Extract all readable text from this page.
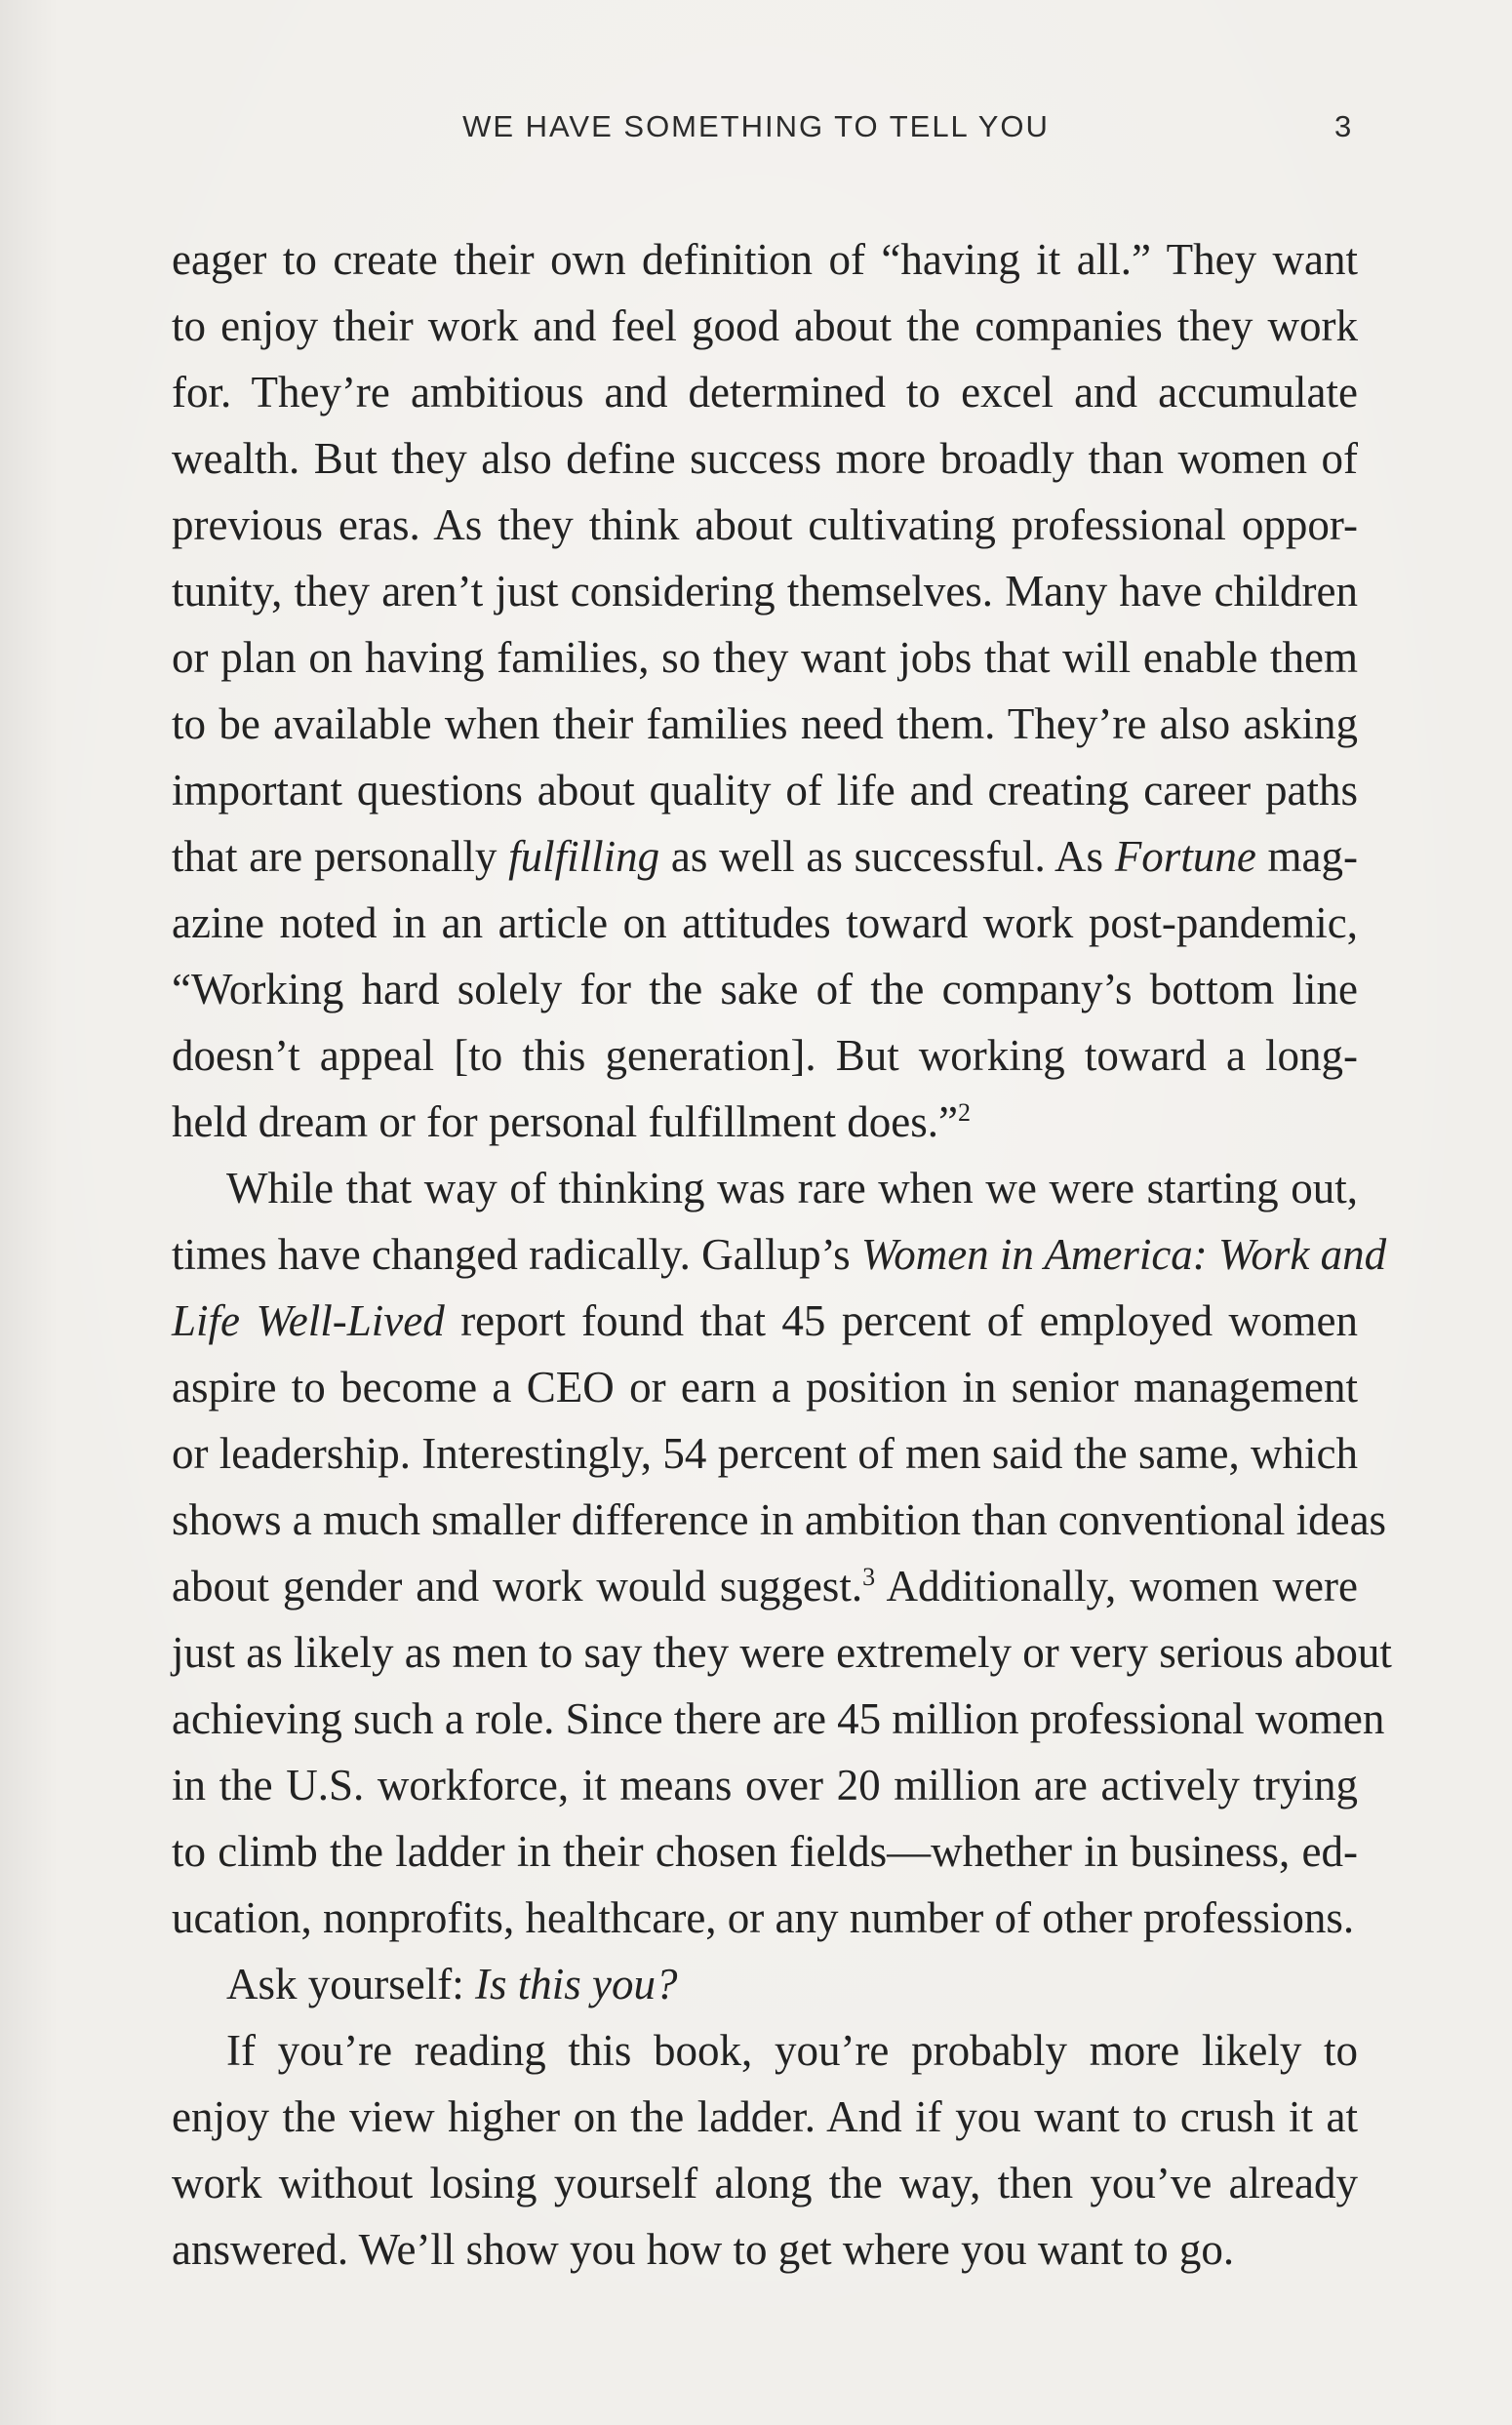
WE HAVE SOMETHING TO TELL YOU	3
eager to create their own definition of “having it all.” They want
to enjoy their work and feel good about the companies they work
for. They’re ambitious and determined to excel and accumulate
wealth. But they also define success more broadly than women of
previous eras. As they think about cultivating professional oppor-
tunity, they aren’t just considering themselves. Many have children
or plan on having families, so they want jobs that will enable them
to be available when their families need them. They’re also asking
important questions about quality of life and creating career paths
that are personally fulfilling as well as successful. As Fortune mag-
azine noted in an article on attitudes toward work post-pandemic,
“Working hard solely for the sake of the company’s bottom line
doesn’t appeal [to this generation]. But working toward a long-
held dream or for personal fulfillment does.”$^2$
While that way of thinking was rare when we were starting out,
times have changed radically. Gallup’s Women in America: Work and
Life Well-Lived report found that 45 percent of employed women
aspire to become a CEO or earn a position in senior management
or leadership. Interestingly, 54 percent of men said the same, which
shows a much smaller difference in ambition than conventional ideas
about gender and work would suggest.$^3$ Additionally, women were
just as likely as men to say they were extremely or very serious about
achieving such a role. Since there are 45 million professional women
in the U.S. workforce, it means over 20 million are actively trying
to climb the ladder in their chosen fields—whether in business, ed-
ucation, nonprofits, healthcare, or any number of other professions.
Ask yourself: Is this you?
If you’re reading this book, you’re probably more likely to
enjoy the view higher on the ladder. And if you want to crush it at
work without losing yourself along the way, then you’ve already
answered. We’ll show you how to get where you want to go.
